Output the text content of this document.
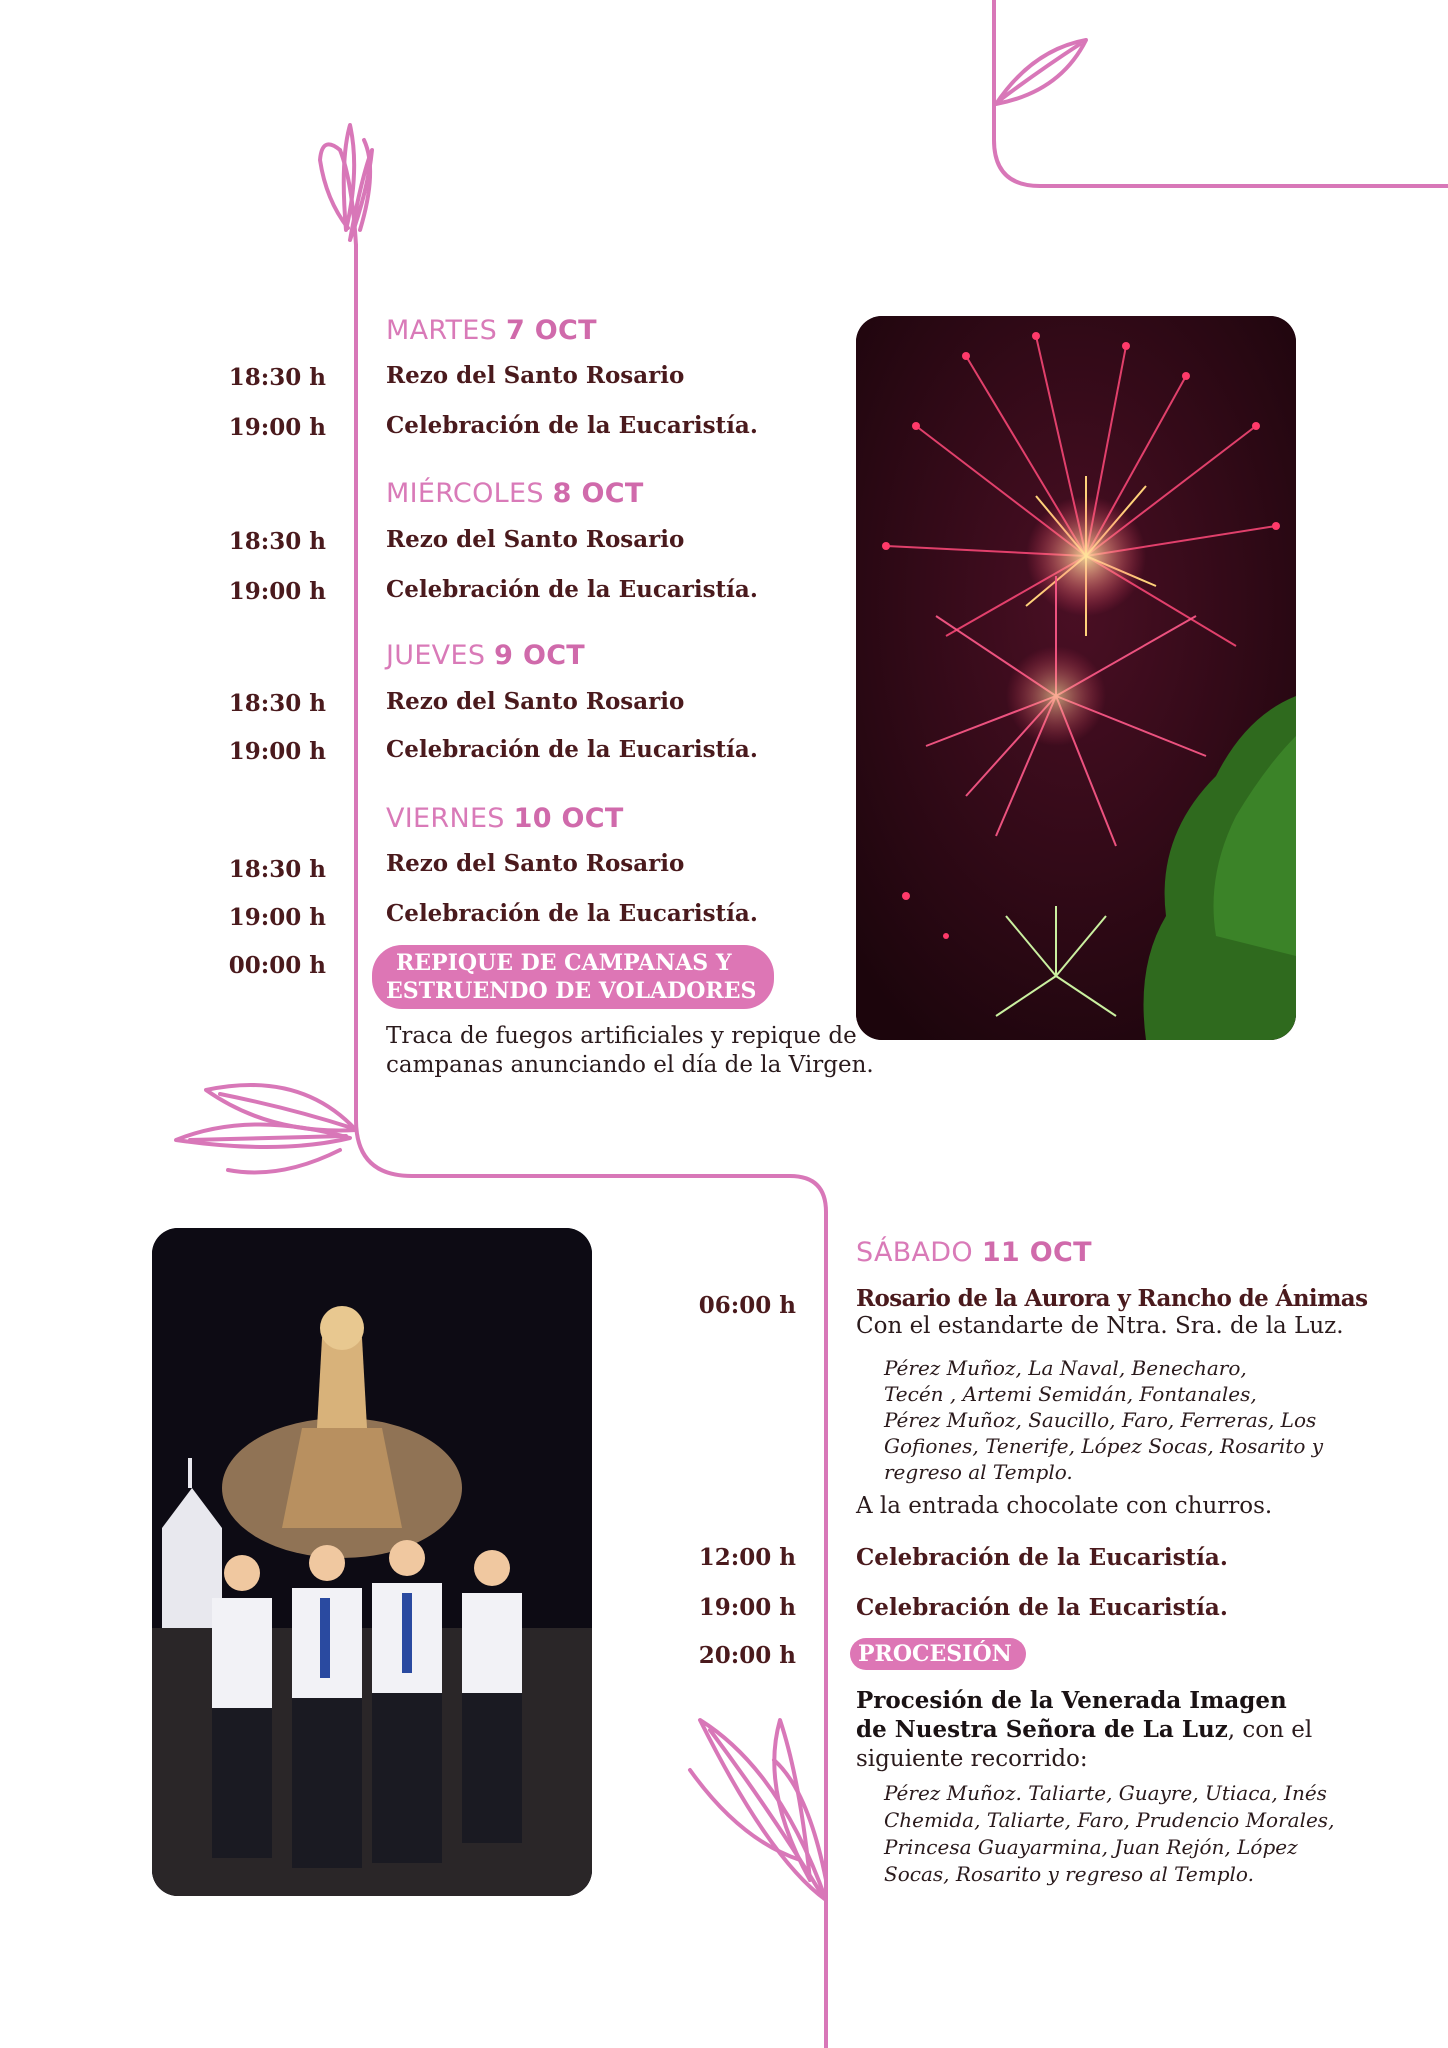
MARTES 7 OCT
18:30 h	Rezo del Santo Rosario
19:00 h	Celebración de la Eucaristía.
MIÉRCOLES 8 OCT
18:30 h	Rezo del Santo Rosario
19:00 h	Celebración de la Eucaristía.
JUEVES 9 OCT
18:30 h	Rezo del Santo Rosario
19:00 h	Celebración de la Eucaristía.
VIERNES 10 OCT
18:30 h	Rezo del Santo Rosario
19:00 h	Celebración de la Eucaristía.
00:00 h	REPIQUE DE CAMPANAS Y
ESTRUENDO DE VOLADORES
Traca de fuegos artificiales y repique de
campanas anunciando el día de la Virgen.
SÁBADO 11 OCT
06:00 h	Rosario de la Aurora y Rancho de Ánimas
Con el estandarte de Ntra. Sra. de la Luz.
Pérez Muñoz, La Naval, Benecharo,
Tecén , Artemi Semidán, Fontanales,
Pérez Muñoz, Saucillo, Faro, Ferreras, Los
Gofiones, Tenerife, López Socas, Rosarito y
regreso al Templo.
A la entrada chocolate con churros.
12:00 h	Celebración de la Eucaristía.
19:00 h	Celebración de la Eucaristía.
20:00 h	PROCESIÓN
Procesión de la Venerada Imagen
de Nuestra Señora de La Luz, con el
siguiente recorrido:
Pérez Muñoz. Taliarte, Guayre, Utiaca, Inés
Chemida, Taliarte, Faro, Prudencio Morales,
Princesa Guayarmina, Juan Rejón, López
Socas, Rosarito y regreso al Templo.
